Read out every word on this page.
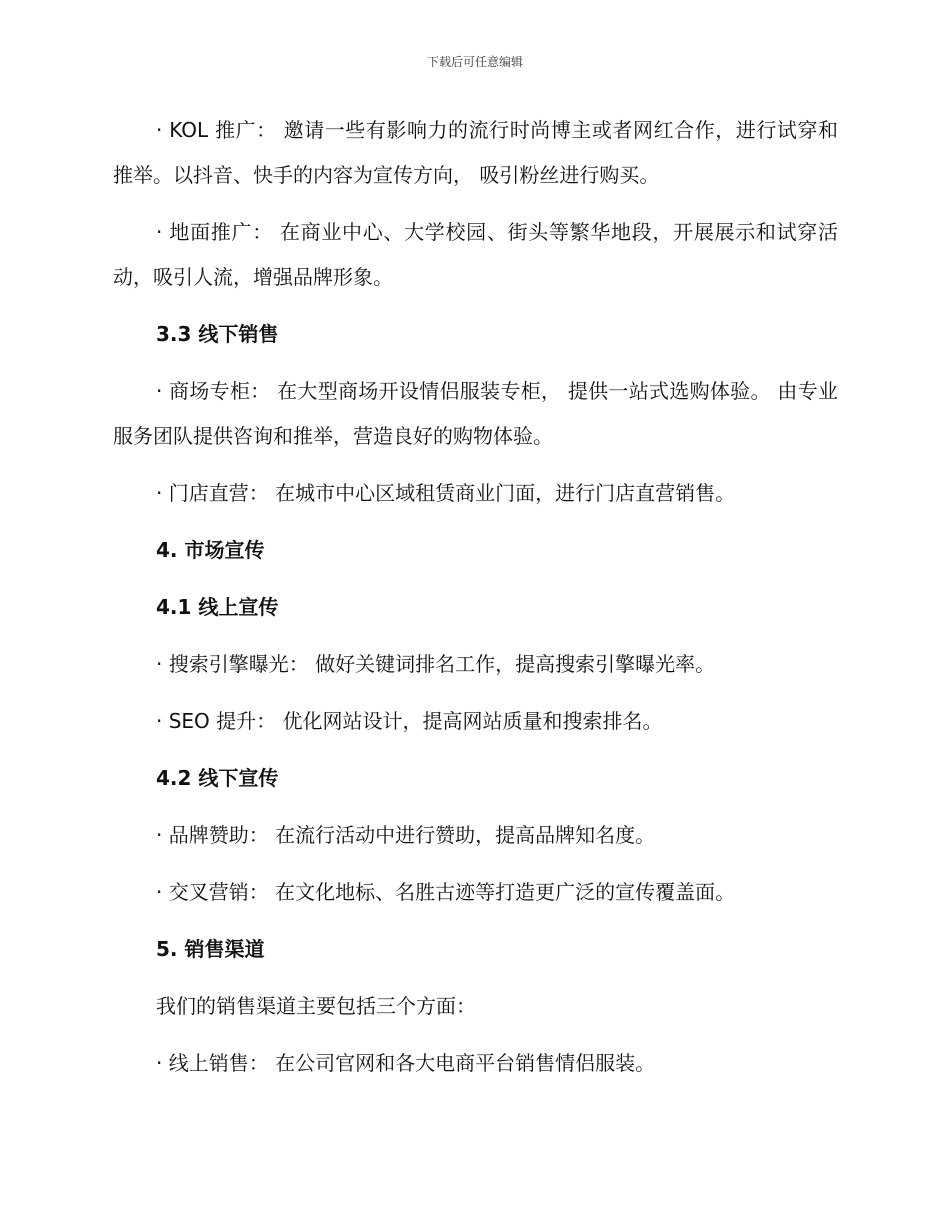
下载后可任意编辑

· KOL 推广： 邀请一些有影响力的流行时尚博主或者网红合作，进行试穿和推举。以抖音、快手的内容为宣传方向， 吸引粉丝进行购买。

· 地面推广： 在商业中心、大学校园、街头等繁华地段，开展展示和试穿活动，吸引人流，增强品牌形象。

3.3 线下销售

· 商场专柜： 在大型商场开设情侣服装专柜， 提供一站式选购体验。 由专业服务团队提供咨询和推举，营造良好的购物体验。

· 门店直营： 在城市中心区域租赁商业门面，进行门店直营销售。

4. 市场宣传

4.1 线上宣传

· 搜索引擎曝光： 做好关键词排名工作，提高搜索引擎曝光率。

· SEO 提升： 优化网站设计，提高网站质量和搜索排名。

4.2 线下宣传

· 品牌赞助： 在流行活动中进行赞助，提高品牌知名度。

· 交叉营销： 在文化地标、名胜古迹等打造更广泛的宣传覆盖面。

5. 销售渠道

我们的销售渠道主要包括三个方面：

· 线上销售： 在公司官网和各大电商平台销售情侣服装。
